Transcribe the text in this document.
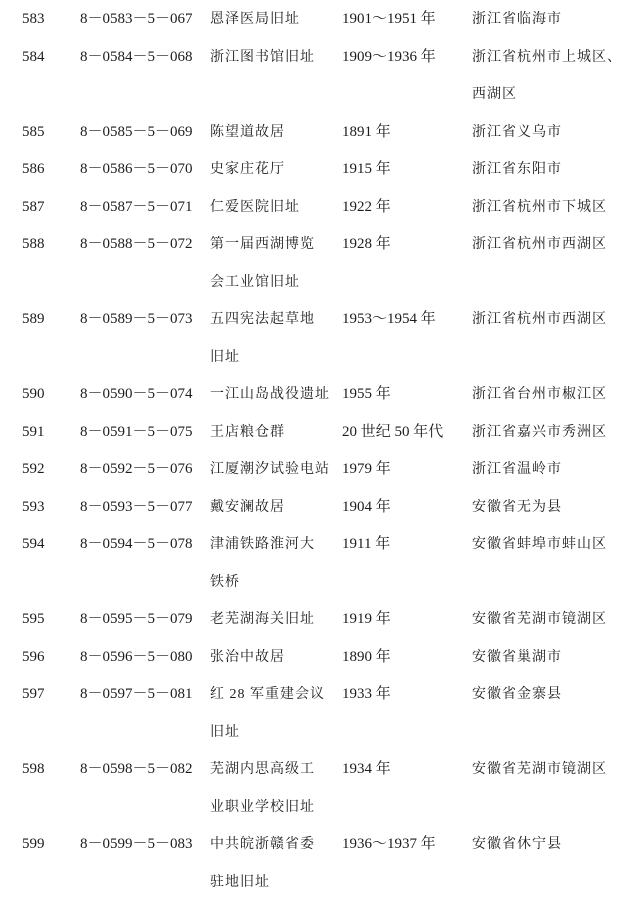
583	8－0583－5－067	恩泽医局旧址	1901～1951 年	浙江省临海市
584	8－0584－5－068	浙江图书馆旧址	1909～1936 年	浙江省杭州市上城区、
西湖区
585	8－0585－5－069	陈望道故居	1891 年	浙江省义乌市
586	8－0586－5－070	史家庄花厅	1915 年	浙江省东阳市
587	8－0587－5－071	仁爱医院旧址	1922 年	浙江省杭州市下城区
588	8－0588－5－072	第一届西湖博览
会工业馆旧址
1928 年	浙江省杭州市西湖区
589	8－0589－5－073	五四宪法起草地
旧址
1953～1954 年	浙江省杭州市西湖区
590	8－0590－5－074	一江山岛战役遗址 1955 年	浙江省台州市椒江区
591	8－0591－5－075	王店粮仓群	20 世纪 50 年代	浙江省嘉兴市秀洲区
592	8－0592－5－076	江厦潮汐试验电站 1979 年	浙江省温岭市
593	8－0593－5－077	戴安澜故居	1904 年	安徽省无为县
594	8－0594－5－078	津浦铁路淮河大
铁桥
1911 年	安徽省蚌埠市蚌山区
595	8－0595－5－079	老芜湖海关旧址	1919 年	安徽省芜湖市镜湖区
596	8－0596－5－080	张治中故居	1890 年	安徽省巢湖市
597	8－0597－5－081	红 28 军重建会议
旧址
1933 年	安徽省金寨县
598	8－0598－5－082	芜湖内思高级工
业职业学校旧址
1934 年	安徽省芜湖市镜湖区
599	8－0599－5－083	中共皖浙赣省委
驻地旧址
1936～1937 年	安徽省休宁县
